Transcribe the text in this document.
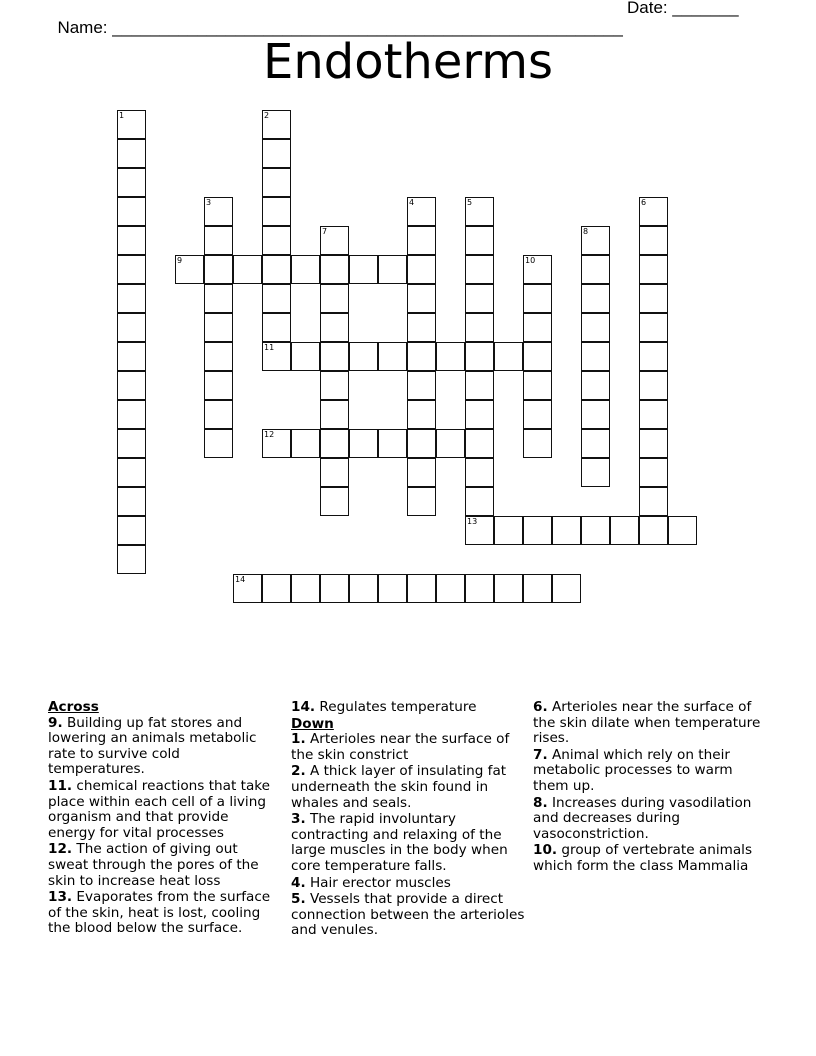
Name: ______________________________________________________

Date: _______

Endotherms
1	2
3	4	5
13
6
7	8
9	10
11
12
14
Across
9. Building up fat stores and lowering an animals metabolic rate to survive cold temperatures.
11. chemical reactions that take place within each cell of a living organism and that provide energy for vital processes
12. The action of giving out sweat through the pores of the skin to increase heat loss
13. Evaporates from the surface of the skin, heat is lost, cooling the blood below the surface.
14. Regulates temperature
Down
1. Arterioles near the surface of the skin constrict
2. A thick layer of insulating fat underneath the skin found in whales and seals.
3. The rapid involuntary contracting and relaxing of the large muscles in the body when core temperature falls.
4. Hair erector muscles
5. Vessels that provide a direct connection between the arterioles and venules.
6. Arterioles near the surface of the skin dilate when temperature rises.
7. Animal which rely on their metabolic processes to warm them up.
8. Increases during vasodilation and decreases during vasoconstriction.
10. group of vertebrate animals which form the class Mammalia
